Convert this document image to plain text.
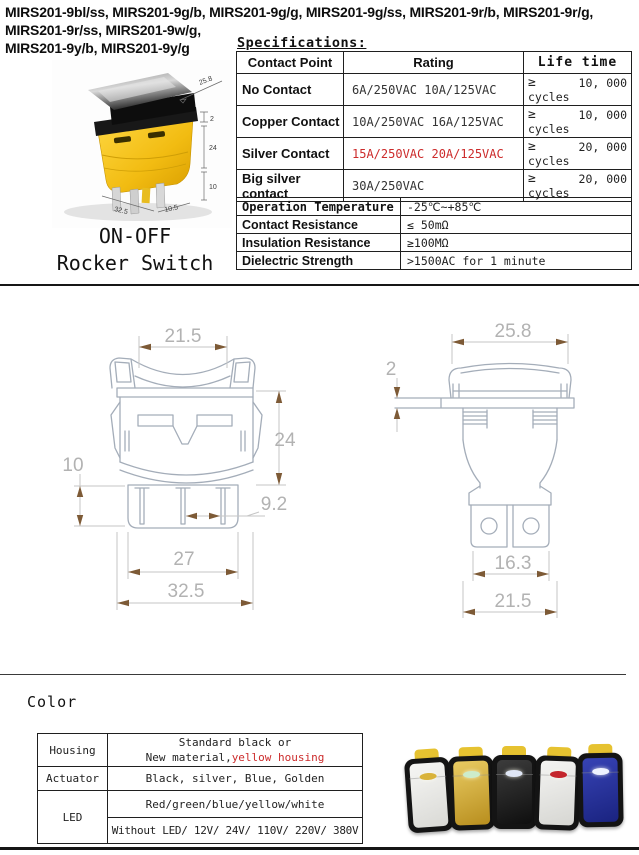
MIRS201-9bl/ss, MIRS201-9g/b, MIRS201-9g/g, MIRS201-9g/ss, MIRS201-9r/b, MIRS201-9r/g,
MIRS201-9r/ss, MIRS201-9w/g,
MIRS201-9y/b, MIRS201-9y/g
25.8
2
24
10
32.5	10.5
ON-OFF
Rocker Switch
Specifications:
Contact Point	Rating	Life time
No Contact	6A/250VAC 10A/125VAC	≥ 10, 000
cycles

Copper Contact	10A/250VAC 16A/125VAC	≥ 10, 000
cycles

Silver Contact	15A/250VAC 20A/125VAC	≥ 20, 000
cycles

Big silver contact	30A/250VAC	≥ 20, 000
cycles
Operation Temperature	-25℃~+85℃
Contact Resistance	≤ 50mΩ
Insulation Resistance	≥100MΩ
Dielectric Strength	>1500AC for 1 minute
21.5
24
10
9.2
27
32.5
25.8
2
16.3
21.5
Color
Housing	Standard black or
New material,yellow housing

Actuator	Black, silver, Blue, Golden
LED	Red/green/blue/yellow/white
	Without LED/ 12V/ 24V/ 110V/ 220V/ 380V
